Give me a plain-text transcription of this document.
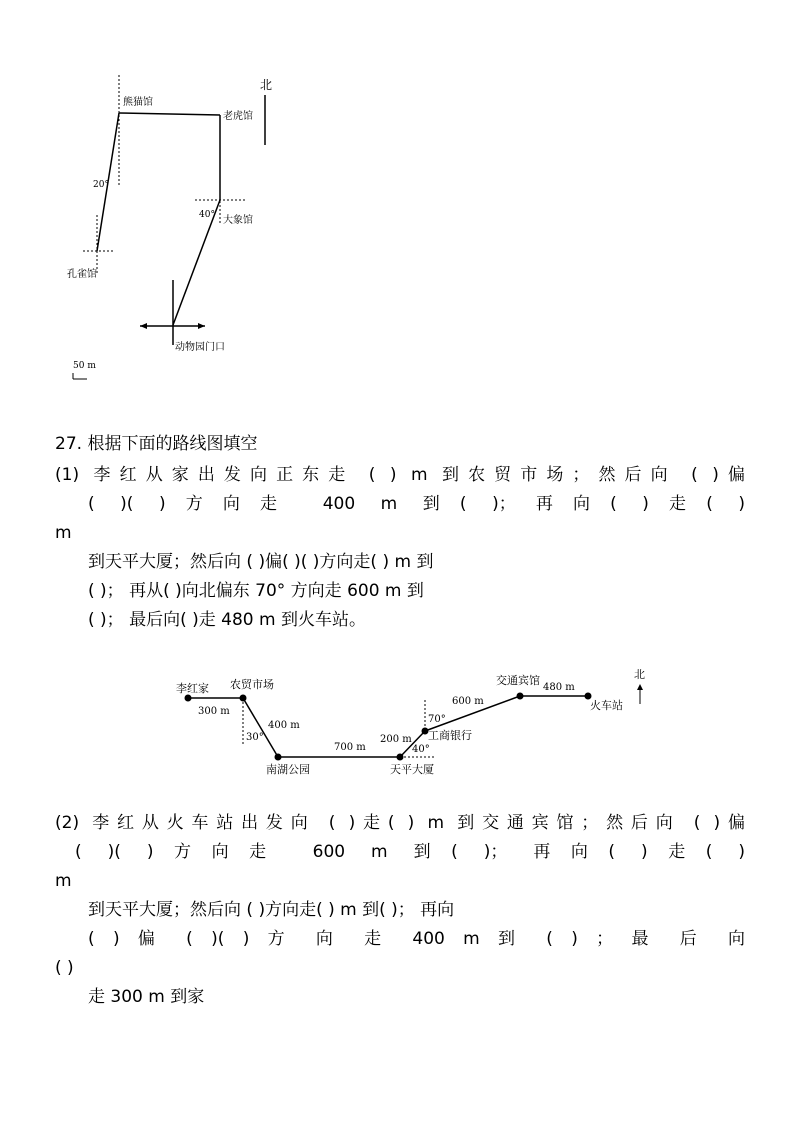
北
熊猫馆
老虎馆
大象馆
孔雀馆
动物园门口
20°
40°
50 m
27. 根据下面的路线图填空
(1) 李红从家出发向正东走 ( ) m 到农贸市场；然后向 ( )偏
( )( )方向走 400 m 到( )；再向( )走( )
m
到天平大厦；然后向 ( )偏( )( )方向走( ) m 到
( )； 再从( )向北偏东 70° 方向走 600 m 到
( )； 最后向( )走 480 m 到火车站。
北
李红家 农贸市场
南湖公园	天平大厦
工商银行
交通宾馆
火车站
300 m
400 m
700 m
200 m
600 m
480 m
30°
40°
70°
(2) 李红从火车站出发向 ( )走( ) m 到交通宾馆；然后向 ( )偏
( )( )方向走 600 m 到( )； 再向( )走( )
m
到天平大厦；然后向 ( )方向走( ) m 到( )； 再向
( ) 偏 ( )( ) 方 向 走 400 m 到 ( ) ； 最 后 向
( )
走 300 m 到家
